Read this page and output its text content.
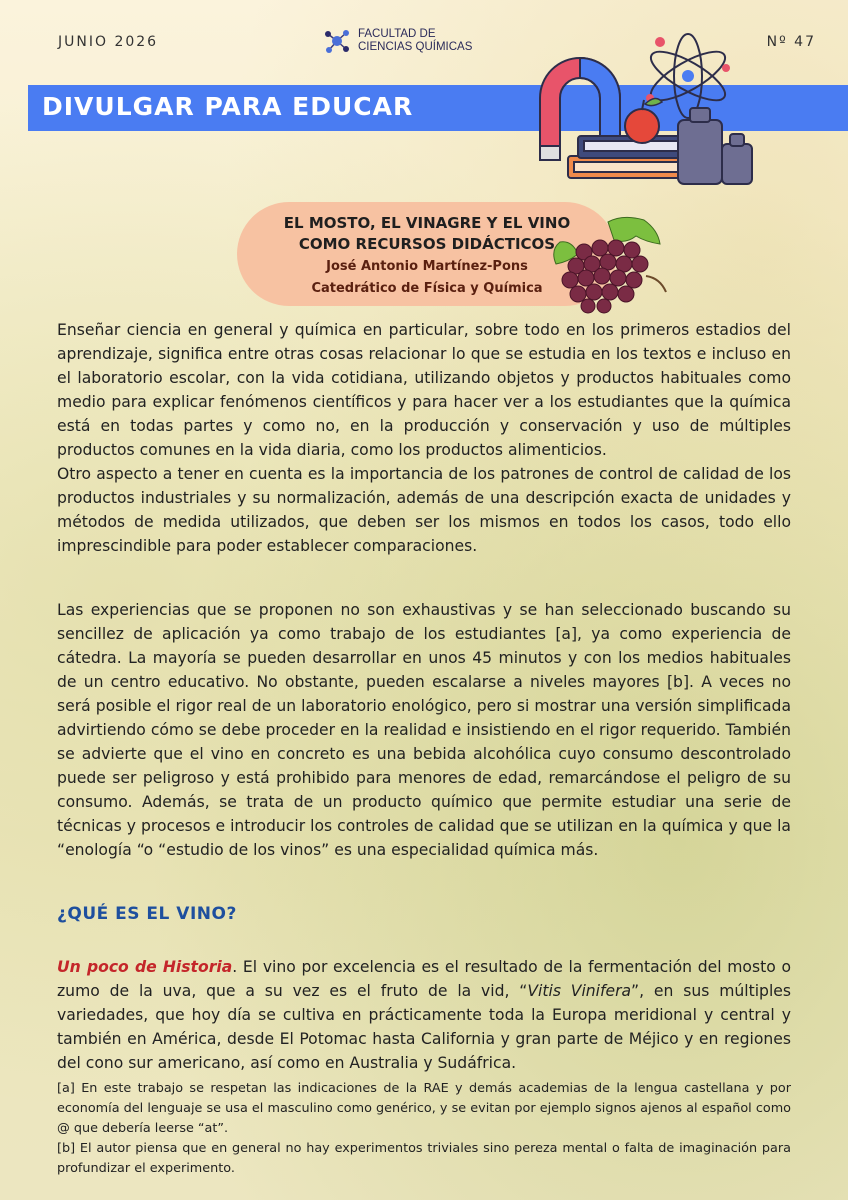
JUNIO 2026	Nº 47
FACULTAD DE
CIENCIAS QUÍMICAS
DIVULGAR PARA EDUCAR
EL MOSTO, EL VINAGRE Y EL VINO
COMO RECURSOS DIDÁCTICOS
José Antonio Martínez-Pons
Catedrático de Física y Química

Enseñar ciencia en general y química en particular, sobre todo en los primeros estadios del aprendizaje, significa entre otras cosas relacionar lo que se estudia en los textos e incluso en el laboratorio escolar, con la vida cotidiana, utilizando objetos y productos habituales como medio para explicar fenómenos científicos y para hacer ver a los estudiantes que la química está en todas partes y como no, en la producción y conservación y uso de múltiples productos comunes en la vida diaria, como los productos alimenticios.

Otro aspecto a tener en cuenta es la importancia de los patrones de control de calidad de los productos industriales y su normalización, además de una descripción exacta de unidades y métodos de medida utilizados, que deben ser los mismos en todos los casos, todo ello imprescindible para poder establecer comparaciones.

Las experiencias que se proponen no son exhaustivas y se han seleccionado buscando su sencillez de aplicación ya como trabajo de los estudiantes [a], ya como experiencia de cátedra. La mayoría se pueden desarrollar en unos 45 minutos y con los medios habituales de un centro educativo. No obstante, pueden escalarse a niveles mayores [b]. A veces no será posible el rigor real de un laboratorio enológico, pero si mostrar una versión simplificada advirtiendo cómo se debe proceder en la realidad e insistiendo en el rigor requerido. También se advierte que el vino en concreto es una bebida alcohólica cuyo consumo descontrolado puede ser peligroso y está prohibido para menores de edad, remarcándose el peligro de su consumo. Además, se trata de un producto químico que permite estudiar una serie de técnicas y procesos e introducir los controles de calidad que se utilizan en la química y que la “enología “o “estudio de los vinos” es una especialidad química más.

¿QUÉ ES EL VINO?

Un poco de Historia. El vino por excelencia es el resultado de la fermentación del mosto o zumo de la uva, que a su vez es el fruto de la vid, “Vitis Vinifera”, en sus múltiples variedades, que hoy día se cultiva en prácticamente toda la Europa meridional y central y también en América, desde El Potomac hasta California y gran parte de Méjico y en regiones del cono sur americano, así como en Australia y Sudáfrica.

[a] En este trabajo se respetan las indicaciones de la RAE y demás academias de la lengua castellana y por economía del lenguaje se usa el masculino como genérico, y se evitan por ejemplo signos ajenos al español como @ que debería leerse “at”.

[b] El autor piensa que en general no hay experimentos triviales sino pereza mental o falta de imaginación para profundizar el experimento.
